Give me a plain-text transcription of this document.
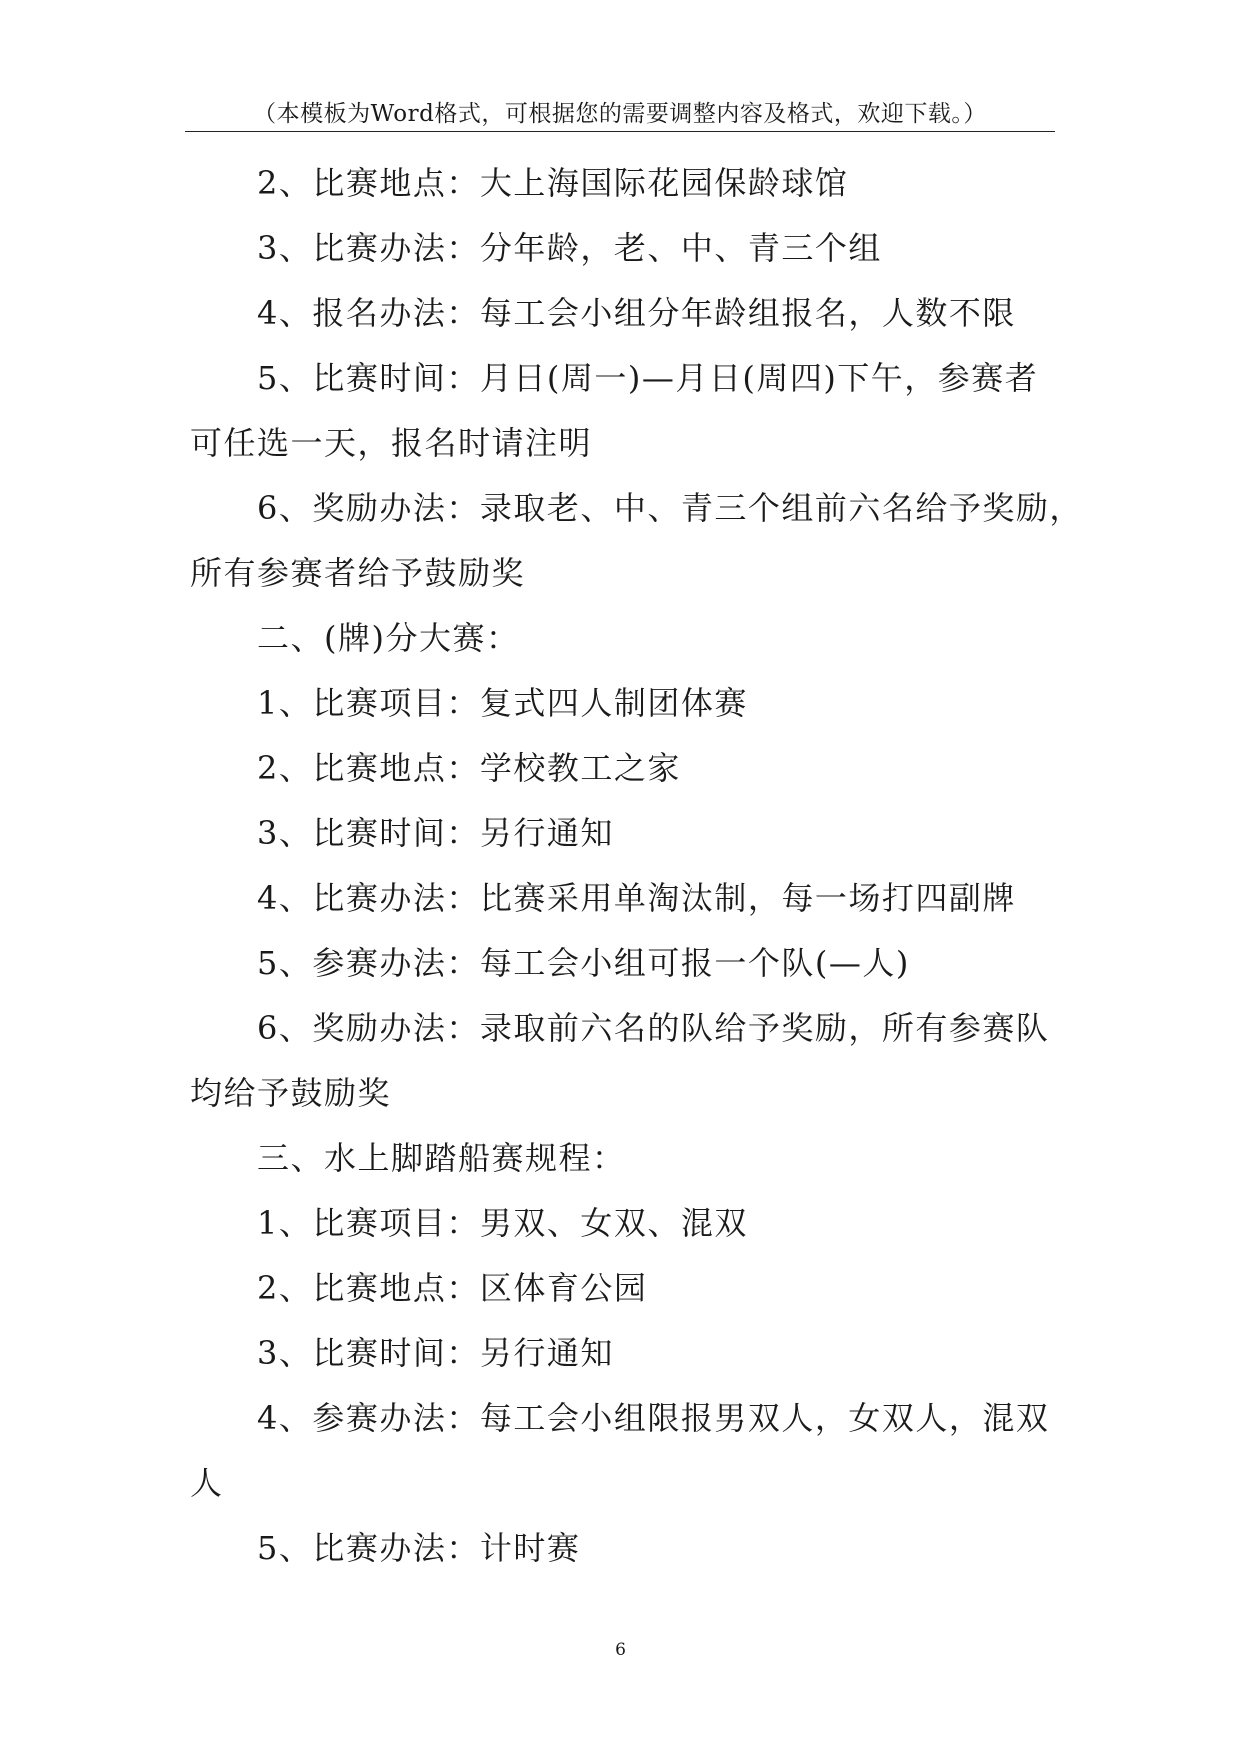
（本模板为Word格式，可根据您的需要调整内容及格式，欢迎下载。）

2、比赛地点：大上海国际花园保龄球馆

3、比赛办法：分年龄，老、中、青三个组

4、报名办法：每工会小组分年龄组报名，人数不限

5、比赛时间：月日(周一)—月日(周四)下午，参赛者

可任选一天，报名时请注明

6、奖励办法：录取老、中、青三个组前六名给予奖励，

所有参赛者给予鼓励奖

二、(牌)分大赛：

1、比赛项目：复式四人制团体赛

2、比赛地点：学校教工之家

3、比赛时间：另行通知

4、比赛办法：比赛采用单淘汰制，每一场打四副牌

5、参赛办法：每工会小组可报一个队(—人)

6、奖励办法：录取前六名的队给予奖励，所有参赛队

均给予鼓励奖

三、水上脚踏船赛规程：

1、比赛项目：男双、女双、混双

2、比赛地点：区体育公园

3、比赛时间：另行通知

4、参赛办法：每工会小组限报男双人，女双人，混双

人

5、比赛办法：计时赛

6
